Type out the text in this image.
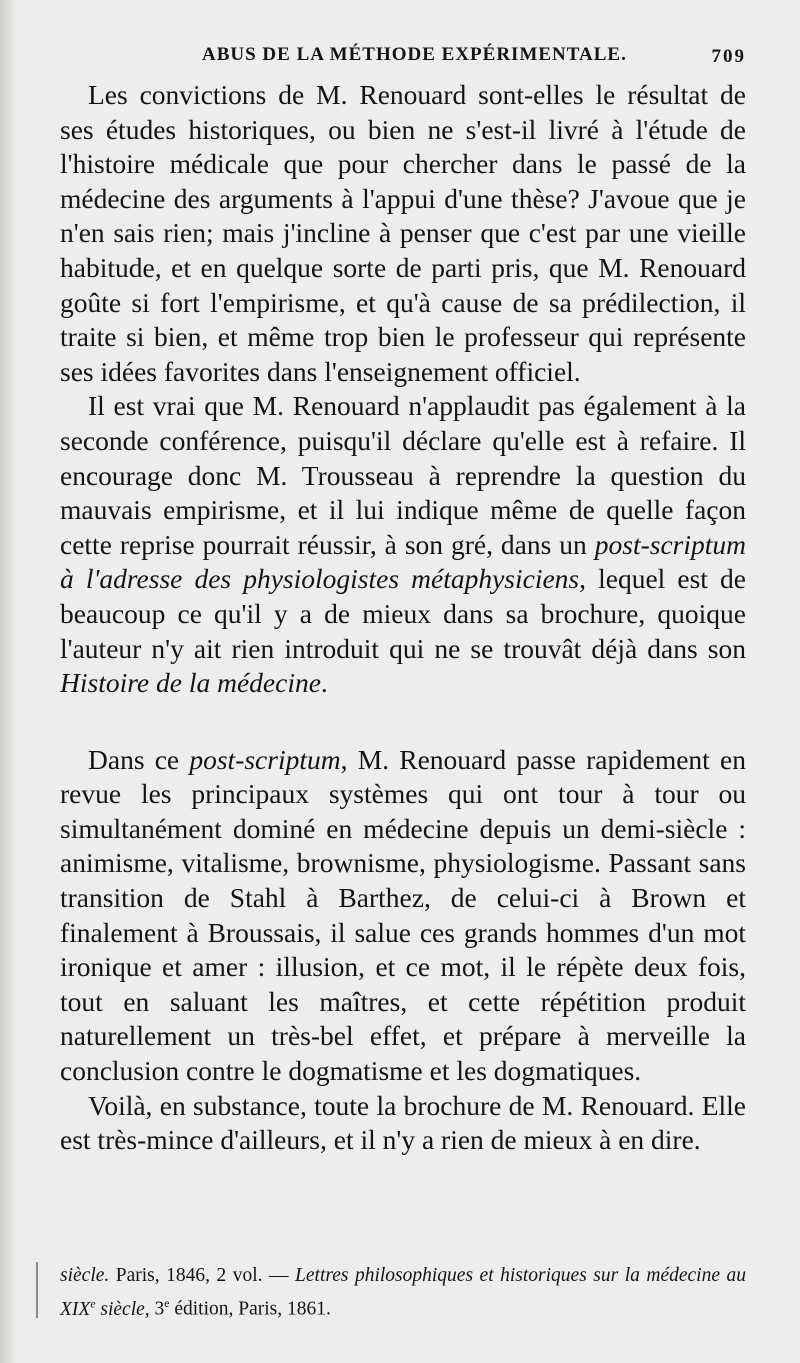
ABUS DE LA MÉTHODE EXPÉRIMENTALE.	709

Les convictions de M. Renouard sont-elles le résultat de ses études historiques, ou bien ne s'est-il livré à l'étude de l'histoire médicale que pour chercher dans le passé de la médecine des arguments à l'appui d'une thèse? J'avoue que je n'en sais rien; mais j'incline à penser que c'est par une vieille habitude, et en quelque sorte de parti pris, que M. Renouard goûte si fort l'empirisme, et qu'à cause de sa prédilection, il traite si bien, et même trop bien le professeur qui représente ses idées favorites dans l'enseignement officiel.

Il est vrai que M. Renouard n'applaudit pas également à la seconde conférence, puisqu'il déclare qu'elle est à refaire. Il encourage donc M. Trousseau à reprendre la question du mauvais empirisme, et il lui indique même de quelle façon cette reprise pourrait réussir, à son gré, dans un post-scriptum à l'adresse des physiologistes métaphysiciens, lequel est de beaucoup ce qu'il y a de mieux dans sa brochure, quoique l'auteur n'y ait rien introduit qui ne se trouvât déjà dans son Histoire de la médecine.

Dans ce post-scriptum, M. Renouard passe rapidement en revue les principaux systèmes qui ont tour à tour ou simultanément dominé en médecine depuis un demi-siècle : animisme, vitalisme, brownisme, physiologisme. Passant sans transition de Stahl à Barthez, de celui-ci à Brown et finalement à Broussais, il salue ces grands hommes d'un mot ironique et amer : illusion, et ce mot, il le répète deux fois, tout en saluant les maîtres, et cette répétition produit naturellement un très-bel effet, et prépare à merveille la conclusion contre le dogmatisme et les dogmatiques.

Voilà, en substance, toute la brochure de M. Renouard. Elle est très-mince d'ailleurs, et il n'y a rien de mieux à en dire.

siècle. Paris, 1846, 2 vol. — Lettres philosophiques et historiques sur la médecine au XIXe siècle, 3e édition, Paris, 1861.
